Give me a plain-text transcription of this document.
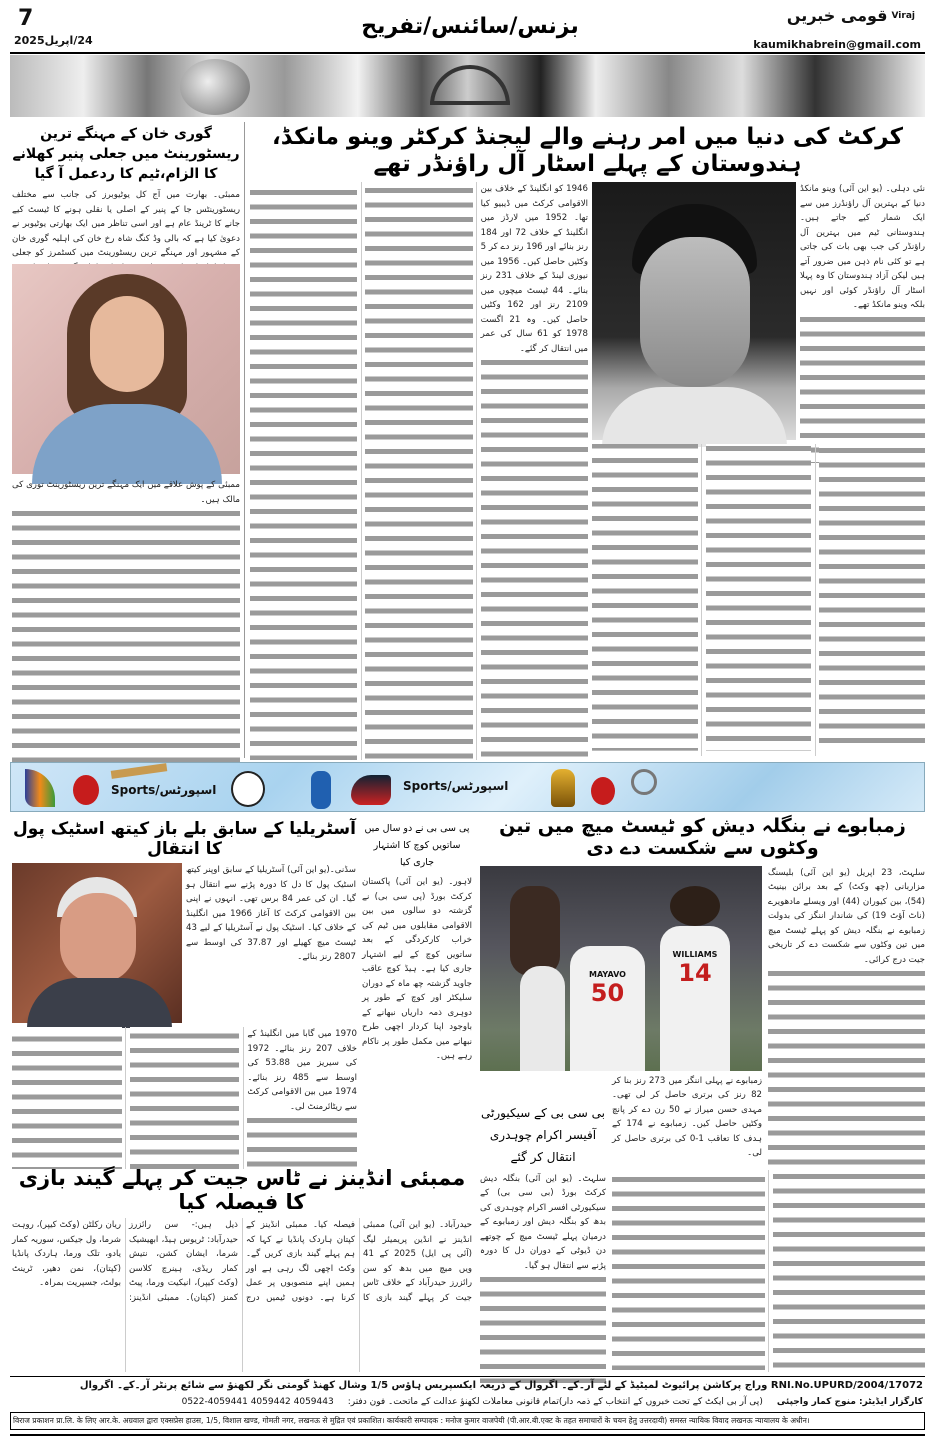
7
24/اپریل2025
بزنس/سائنس/تفریح	قومی خبریں Viraj
kaumikhabrein@gmail.com
گوری خان کے مہنگے ترین ریسٹورینٹ میں جعلی پنیر کھلانے کا الزام،ٹیم کا ردعمل آ گیا
ممبئی۔ بھارت میں آج کل یوٹیوبرز کی جانب سے مختلف ریسٹورینٹس جا کے پنیر کے اصلی یا نقلی ہونے کا ٹیسٹ کیے جانے کا ٹرینڈ عام ہے اور اسی تناظر میں ایک بھارتی یوٹیوبر نے دعویٰ کیا ہے کہ بالی وڈ کنگ شاہ رخ خان کی اہلیہ گوری خان کے مشہور اور مہنگے ترین ریسٹورینٹ میں کسٹمرز کو جعلی
ممبئی کے پوش علاقے میں ایک مہنگے ترین ریسٹورینٹ توری کی مالک ہیں۔
کرکٹ کی دنیا میں امر رہنے والے لیجنڈ کرکٹر وینو مانکڈ، ہندوستان کے پہلے اسٹار آل راؤنڈر تھے
نئی دہلی۔ (یو این آئی) وینو مانکڈ دنیا کے بہترین آل راؤنڈرز میں سے ایک شمار کیے جاتے ہیں۔ ہندوستانی ٹیم میں بہترین آل راؤنڈر کی جب بھی بات کی جاتی ہے تو کئی نام ذہن میں ضرور آتے ہیں لیکن آزاد ہندوستان کا وہ پہلا اسٹار آل راؤنڈر کوئی اور نہیں بلکہ وینو مانکڈ تھے۔
1946 کو انگلینڈ کے خلاف بین الاقوامی کرکٹ میں ڈیبیو کیا تھا۔ 1952 میں لارڈز میں انگلینڈ کے خلاف 72 اور 184 رنز بنائے اور 196 رنز دے کر 5 وکٹیں حاصل کیں۔ 1956 میں نیوزی لینڈ کے خلاف 231 رنز بنائے۔ 44 ٹیسٹ میچوں میں 2109 رنز اور 162 وکٹیں حاصل کیں۔ وہ 21 اگست 1978 کو 61 سال کی عمر میں انتقال کر گئے۔
Sports/اسپورٹس	Sports/اسپورٹس
آسٹریلیا کے سابق بلے باز کیتھ اسٹیک پول کا انتقال
سڈنی۔(یو این آئی) آسٹریلیا کے سابق اوپنر کیتھ اسٹیک پول کا دل کا دورہ پڑنے سے انتقال ہو گیا۔ ان کی عمر 84 برس تھی۔ انہوں نے اپنی بین الاقوامی کرکٹ کا آغاز 1966 میں انگلینڈ کے خلاف کیا۔ اسٹیک پول نے آسٹریلیا کے لیے 43 ٹیسٹ میچ کھیلے اور 37.87 کی اوسط سے 2807 رنز بنائے۔
1970 میں گابا میں انگلینڈ کے خلاف 207 رنز بنائے۔ 1972 کی سیریز میں 53.88 کی اوسط سے 485 رنز بنائے۔ 1974 میں بین الاقوامی کرکٹ سے ریٹائرمنٹ لی۔
پی سی بی نے دو سال میں ساتویں کوچ کا اشتہار جاری کیا
لاہور۔ (یو این آئی) پاکستان کرکٹ بورڈ (پی سی بی) نے گزشتہ دو سالوں میں بین الاقوامی مقابلوں میں ٹیم کی خراب کارکردگی کے بعد ساتویں کوچ کے لیے اشتہار جاری کیا ہے۔ ہیڈ کوچ عاقب جاوید گزشتہ چھ ماہ کے دوران سلیکٹر اور کوچ کے طور پر دوہری ذمہ داریاں نبھانے کے باوجود اپنا کردار اچھی طرح نبھانے میں مکمل طور پر ناکام رہے ہیں۔
زمبابوے نے بنگلہ دیش کو ٹیسٹ میچ میں تین وکٹوں سے شکست دے دی
MAYAVO
50
WILLIAMS
14
سلہٹ، 23 اپریل (یو این آئی) بلیسنگ مزاربانی (چھ وکٹ) کے بعد برائن بینیٹ (54)، بین کیوران (44) اور ویسلے مادھویرے (ناٹ آؤٹ 19) کی شاندار اننگز کی بدولت زمبابوے نے بنگلہ دیش کو پہلے ٹیسٹ میچ میں تین وکٹوں سے شکست دے کر تاریخی جیت درج کرائی۔
زمبابوے نے پہلی اننگز میں 273 رنز بنا کر 82 رنز کی برتری حاصل کر لی تھی۔ مہدی حسن میراز نے 50 رن دے کر پانچ وکٹیں حاصل کیں۔ زمبابوے نے 174 کے ہدف کا تعاقب 1-0 کی برتری حاصل کر لی۔
بی سی بی کے سیکیورٹی آفیسر اکرام چوہدری انتقال کر گئے
سلہٹ۔ (یو این آئی) بنگلہ دیش کرکٹ بورڈ (بی سی بی) کے سیکیورٹی افسر اکرام چوہدری کی بدھ کو بنگلہ دیش اور زمبابوے کے درمیان پہلے ٹیسٹ میچ کے چوتھے دن ڈیوٹی کے دوران دل کا دورہ پڑنے سے انتقال ہو گیا۔
ممبئی انڈینز نے ٹاس جیت کر پہلے گیند بازی کا فیصلہ کیا
حیدرآباد۔ (یو این آئی) ممبئی انڈینز نے انڈین پریمیئر لیگ (آئی پی ایل) 2025 کے 41 ویں میچ میں بدھ کو سن رائزرز حیدرآباد کے خلاف ٹاس جیت کر پہلے گیند بازی کا فیصلہ کیا۔ ممبئی انڈینز کے کپتان ہاردک پانڈیا نے کہا کہ ہم پہلے گیند بازی کریں گے۔ وکٹ اچھی لگ رہی ہے اور ہمیں اپنے منصوبوں پر عمل کرنا ہے۔ دونوں ٹیمیں درج ذیل ہیں:- سن رائزرز حیدرآباد: ٹریوس ہیڈ، ابھیشیک شرما، ایشان کشن، نتیش کمار ریڈی، ہینرچ کلاسن (وکٹ کیپر)، انیکیت ورما، پیٹ کمنز (کپتان)۔ ممبئی انڈینز: ریان رکلٹن (وکٹ کیپر)، روہت شرما، ول جیکس، سوریہ کمار یادو، تلک ورما، ہاردک پانڈیا (کپتان)، نمن دھیر، ٹرینٹ بولٹ، جسپریت بمراہ۔
RNI.No.UPURD/2004/17072 وراج پرکاشن پرائیوٹ لمیٹیڈ کے لئے آر۔کے۔ اگروال کے ذریعہ ایکسپریس ہاؤس 1/5 وشال کھنڈ گومتی نگر لکھنؤ سے شائع پرنٹر آر۔کے۔ اگروال
کارگزار ایڈیٹر: منوج کمار واجپئی
(پی آر بی ایکٹ کے تحت خبروں کے انتخاب کے ذمہ دار)تمام قانونی معاملات لکھنؤ عدالت کے ماتحت۔ فون دفتر:
0522-4059441 4059442 4059443
विराज प्रकाशन प्रा.लि. के लिए आर.के. अग्रवाल द्वारा एक्सप्रेस हाउस, 1/5, विशाल खण्ड, गोमती नगर, लखनऊ से मुद्रित एवं प्रकाशित। कार्यकारी सम्पादक : मनोज कुमार वाजपेयी (पी.आर.बी.एक्ट के तहत समाचारों के चयन हेतु उत्तरदायी) समस्त न्यायिक विवाद लखनऊ न्यायालय के अधीन।
